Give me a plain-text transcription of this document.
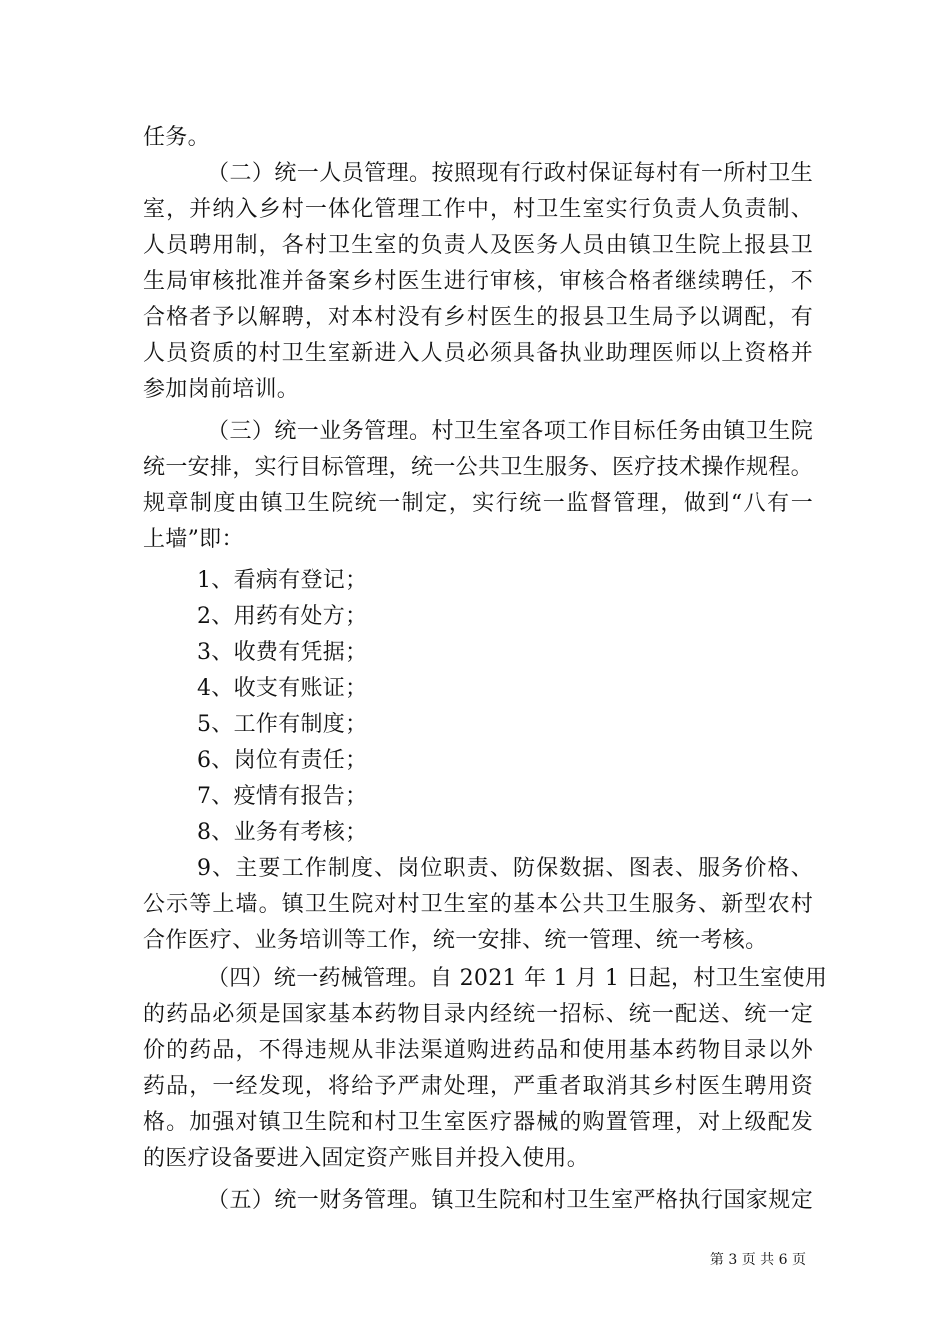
任务。
（二）统一人员管理。按照现有行政村保证每村有一所村卫生
室，并纳入乡村一体化管理工作中，村卫生室实行负责人负责制、
人员聘用制，各村卫生室的负责人及医务人员由镇卫生院上报县卫
生局审核批准并备案乡村医生进行审核，审核合格者继续聘任，不
合格者予以解聘，对本村没有乡村医生的报县卫生局予以调配，有
人员资质的村卫生室新进入人员必须具备执业助理医师以上资格并
参加岗前培训。
（三）统一业务管理。村卫生室各项工作目标任务由镇卫生院
统一安排，实行目标管理，统一公共卫生服务、医疗技术操作规程。
规章制度由镇卫生院统一制定，实行统一监督管理，做到“八有一
上墙”即：
1、看病有登记；
2、用药有处方；
3、收费有凭据；
4、收支有账证；
5、工作有制度；
6、岗位有责任；
7、疫情有报告；
8、业务有考核；
9、主要工作制度、岗位职责、防保数据、图表、服务价格、
公示等上墙。镇卫生院对村卫生室的基本公共卫生服务、新型农村
合作医疗、业务培训等工作，统一安排、统一管理、统一考核。
（四）统一药械管理。自 2021 年 1 月 1 日起，村卫生室使用
的药品必须是国家基本药物目录内经统一招标、统一配送、统一定
价的药品，不得违规从非法渠道购进药品和使用基本药物目录以外
药品，一经发现，将给予严肃处理，严重者取消其乡村医生聘用资
格。加强对镇卫生院和村卫生室医疗器械的购置管理，对上级配发
的医疗设备要进入固定资产账目并投入使用。
（五）统一财务管理。镇卫生院和村卫生室严格执行国家规定
第 3 页 共 6 页
